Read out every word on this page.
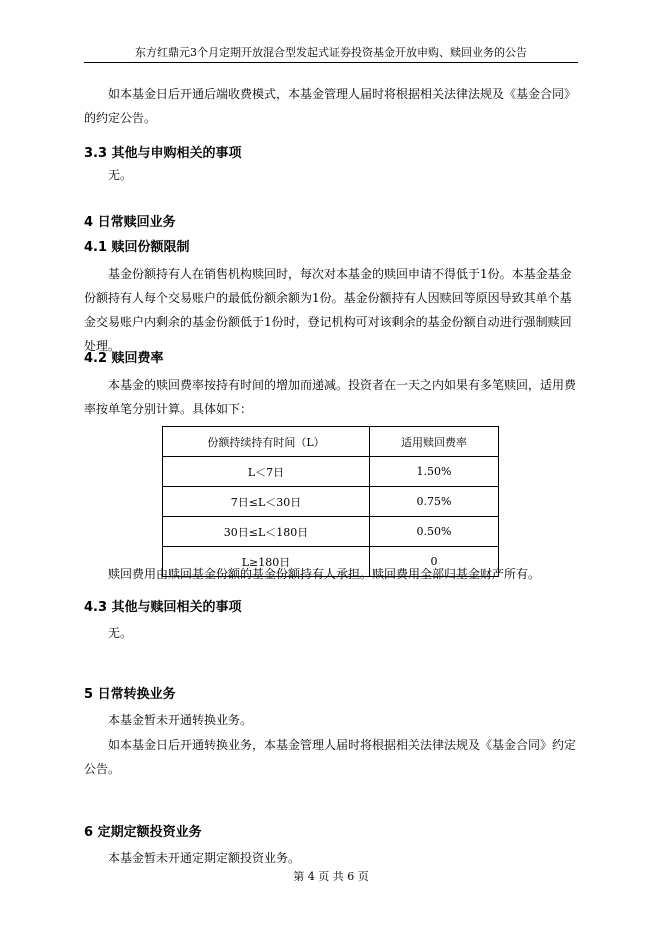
东方红鼎元3个月定期开放混合型发起式证券投资基金开放申购、赎回业务的公告
如本基金日后开通后端收费模式，本基金管理人届时将根据相关法律法规及《基金合同》的约定公告。
3.3 其他与申购相关的事项
无。
4 日常赎回业务
4.1 赎回份额限制
基金份额持有人在销售机构赎回时，每次对本基金的赎回申请不得低于1份。本基金基金份额持有人每个交易账户的最低份额余额为1份。基金份额持有人因赎回等原因导致其单个基金交易账户内剩余的基金份额低于1份时，登记机构可对该剩余的基金份额自动进行强制赎回处理。
4.2 赎回费率
本基金的赎回费率按持有时间的增加而递减。投资者在一天之内如果有多笔赎回，适用费率按单笔分别计算。具体如下：
份额持续持有时间（L）	适用赎回费率
L＜7日	1.50%
7日≤L＜30日	0.75%
30日≤L＜180日	0.50%
L≥180日	0
赎回费用由赎回基金份额的基金份额持有人承担。赎回费用全部归基金财产所有。
4.3 其他与赎回相关的事项
无。
5 日常转换业务
本基金暂未开通转换业务。
如本基金日后开通转换业务，本基金管理人届时将根据相关法律法规及《基金合同》约定公告。
6 定期定额投资业务
本基金暂未开通定期定额投资业务。
第 4 页 共 6 页
